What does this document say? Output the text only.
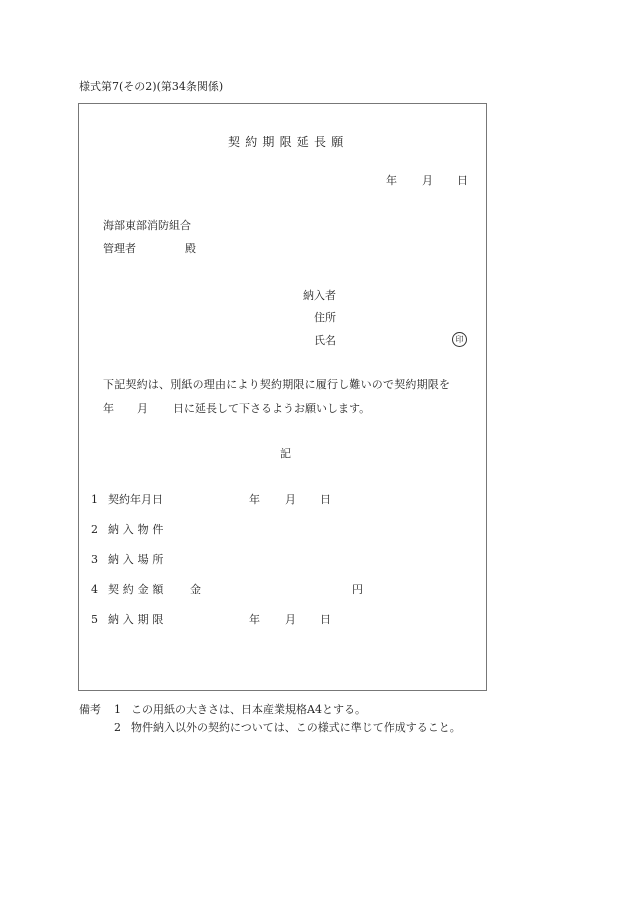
様式第7(その2)(第34条関係)
契約期限延長願
年 月 日
海部東部消防組合
管理者	殿
納入者
住所
氏名	印
下記契約は、別紙の理由により契約期限に履行し難いので契約期限を
年 月 日に延長して下さるようお願いします。
記
1 契約年月日	年 月 日
2 納入物件
3 納入場所
4 契約金額 金	円
5 納入期限	年 月 日
備考 1 この用紙の大きさは、日本産業規格A4とする。
2 物件納入以外の契約については、この様式に準じて作成すること。
